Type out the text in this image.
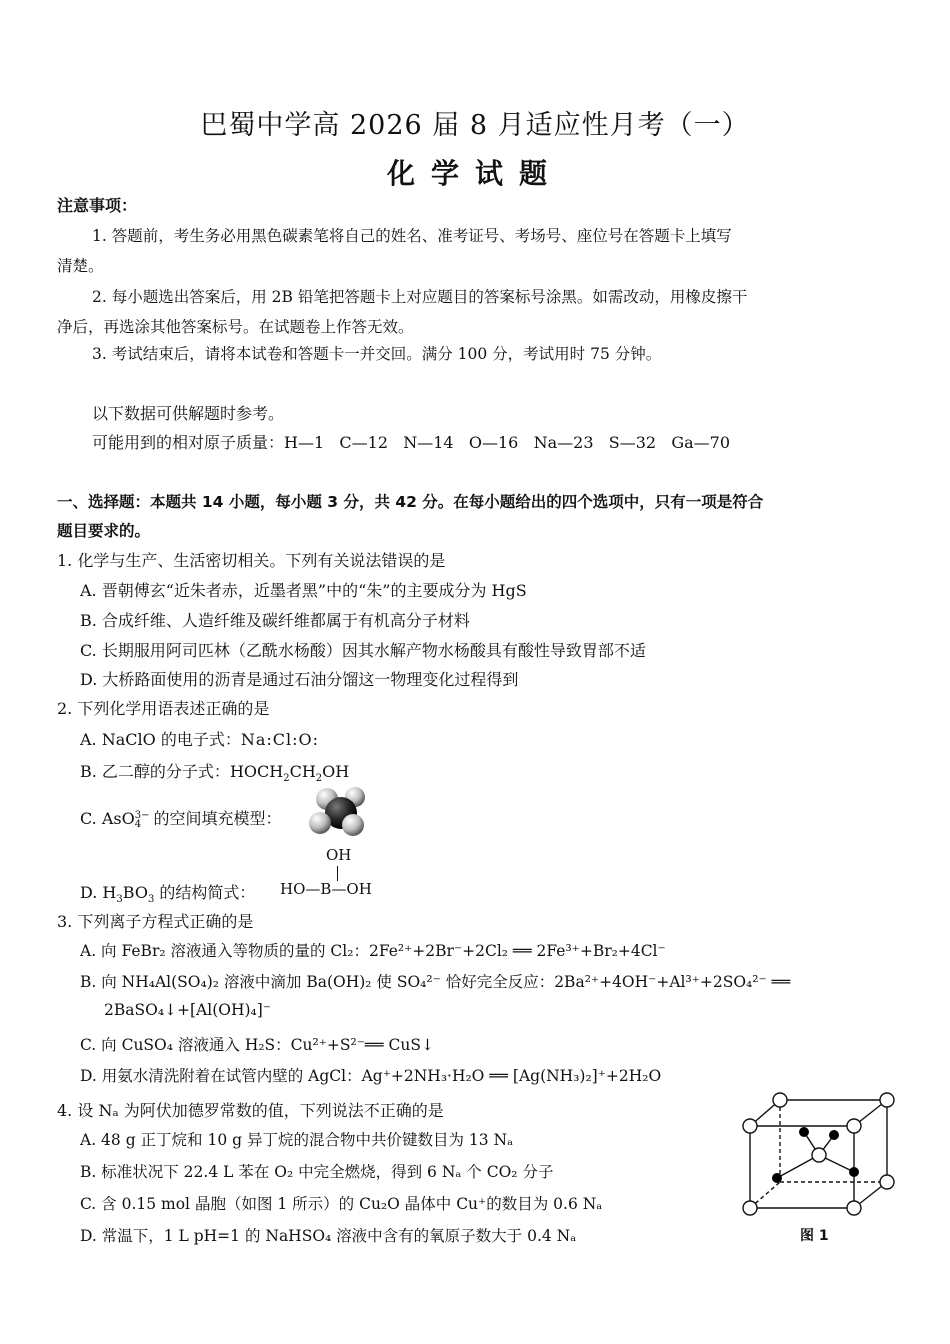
巴蜀中学高 2026 届 8 月适应性月考（一）
化学试题
注意事项：
1. 答题前，考生务必用黑色碳素笔将自己的姓名、准考证号、考场号、座位号在答题卡上填写
清楚。
2. 每小题选出答案后，用 2B 铅笔把答题卡上对应题目的答案标号涂黑。如需改动，用橡皮擦干
净后，再选涂其他答案标号。在试题卷上作答无效。
3. 考试结束后，请将本试卷和答题卡一并交回。满分 100 分，考试用时 75 分钟。
以下数据可供解题时参考。
可能用到的相对原子质量：H—1   C—12   N—14   O—16   Na—23   S—32   Ga—70
一、选择题：本题共 14 小题，每小题 3 分，共 42 分。在每小题给出的四个选项中，只有一项是符合
题目要求的。
1. 化学与生产、生活密切相关。下列有关说法错误的是
A. 晋朝傅玄“近朱者赤，近墨者黑”中的“朱”的主要成分为 HgS
B. 合成纤维、人造纤维及碳纤维都属于有机高分子材料
C. 长期服用阿司匹林（乙酰水杨酸）因其水解产物水杨酸具有酸性导致胃部不适
D. 大桥路面使用的沥青是通过石油分馏这一物理变化过程得到
2. 下列化学用语表述正确的是
A. NaClO 的电子式：Na:Cl:O:
B. 乙二醇的分子式：$HOCH_2CH_2OH$
C. AsO 3−
4 的空间填充模型：
OH
HO—B—OH
D. $H_3BO_3$ 的结构简式：
3. 下列离子方程式正确的是
A. 向 FeBr₂ 溶液通入等物质的量的 Cl₂：2Fe²⁺+2Br⁻+2Cl₂ ══ 2Fe³⁺+Br₂+4Cl⁻
B. 向 NH₄Al(SO₄)₂ 溶液中滴加 Ba(OH)₂ 使 SO₄²⁻ 恰好完全反应：2Ba²⁺+4OH⁻+Al³⁺+2SO₄²⁻ ══
2BaSO₄↓+[Al(OH)₄]⁻
C. 向 CuSO₄ 溶液通入 H₂S：Cu²⁺+S²⁻══ CuS↓
D. 用氨水清洗附着在试管内壁的 AgCl：Ag⁺+2NH₃·H₂O ══ [Ag(NH₃)₂]⁺+2H₂O
4. 设 Nₐ 为阿伏加德罗常数的值，下列说法不正确的是
A. 48 g 正丁烷和 10 g 异丁烷的混合物中共价键数目为 13 Nₐ
B. 标准状况下 22.4 L 苯在 O₂ 中完全燃烧，得到 6 Nₐ 个 CO₂ 分子
C. 含 0.15 mol 晶胞（如图 1 所示）的 Cu₂O 晶体中 Cu⁺的数目为 0.6 Nₐ
D. 常温下，1 L pH=1 的 NaHSO₄ 溶液中含有的氧原子数大于 0.4 Nₐ	图 1
